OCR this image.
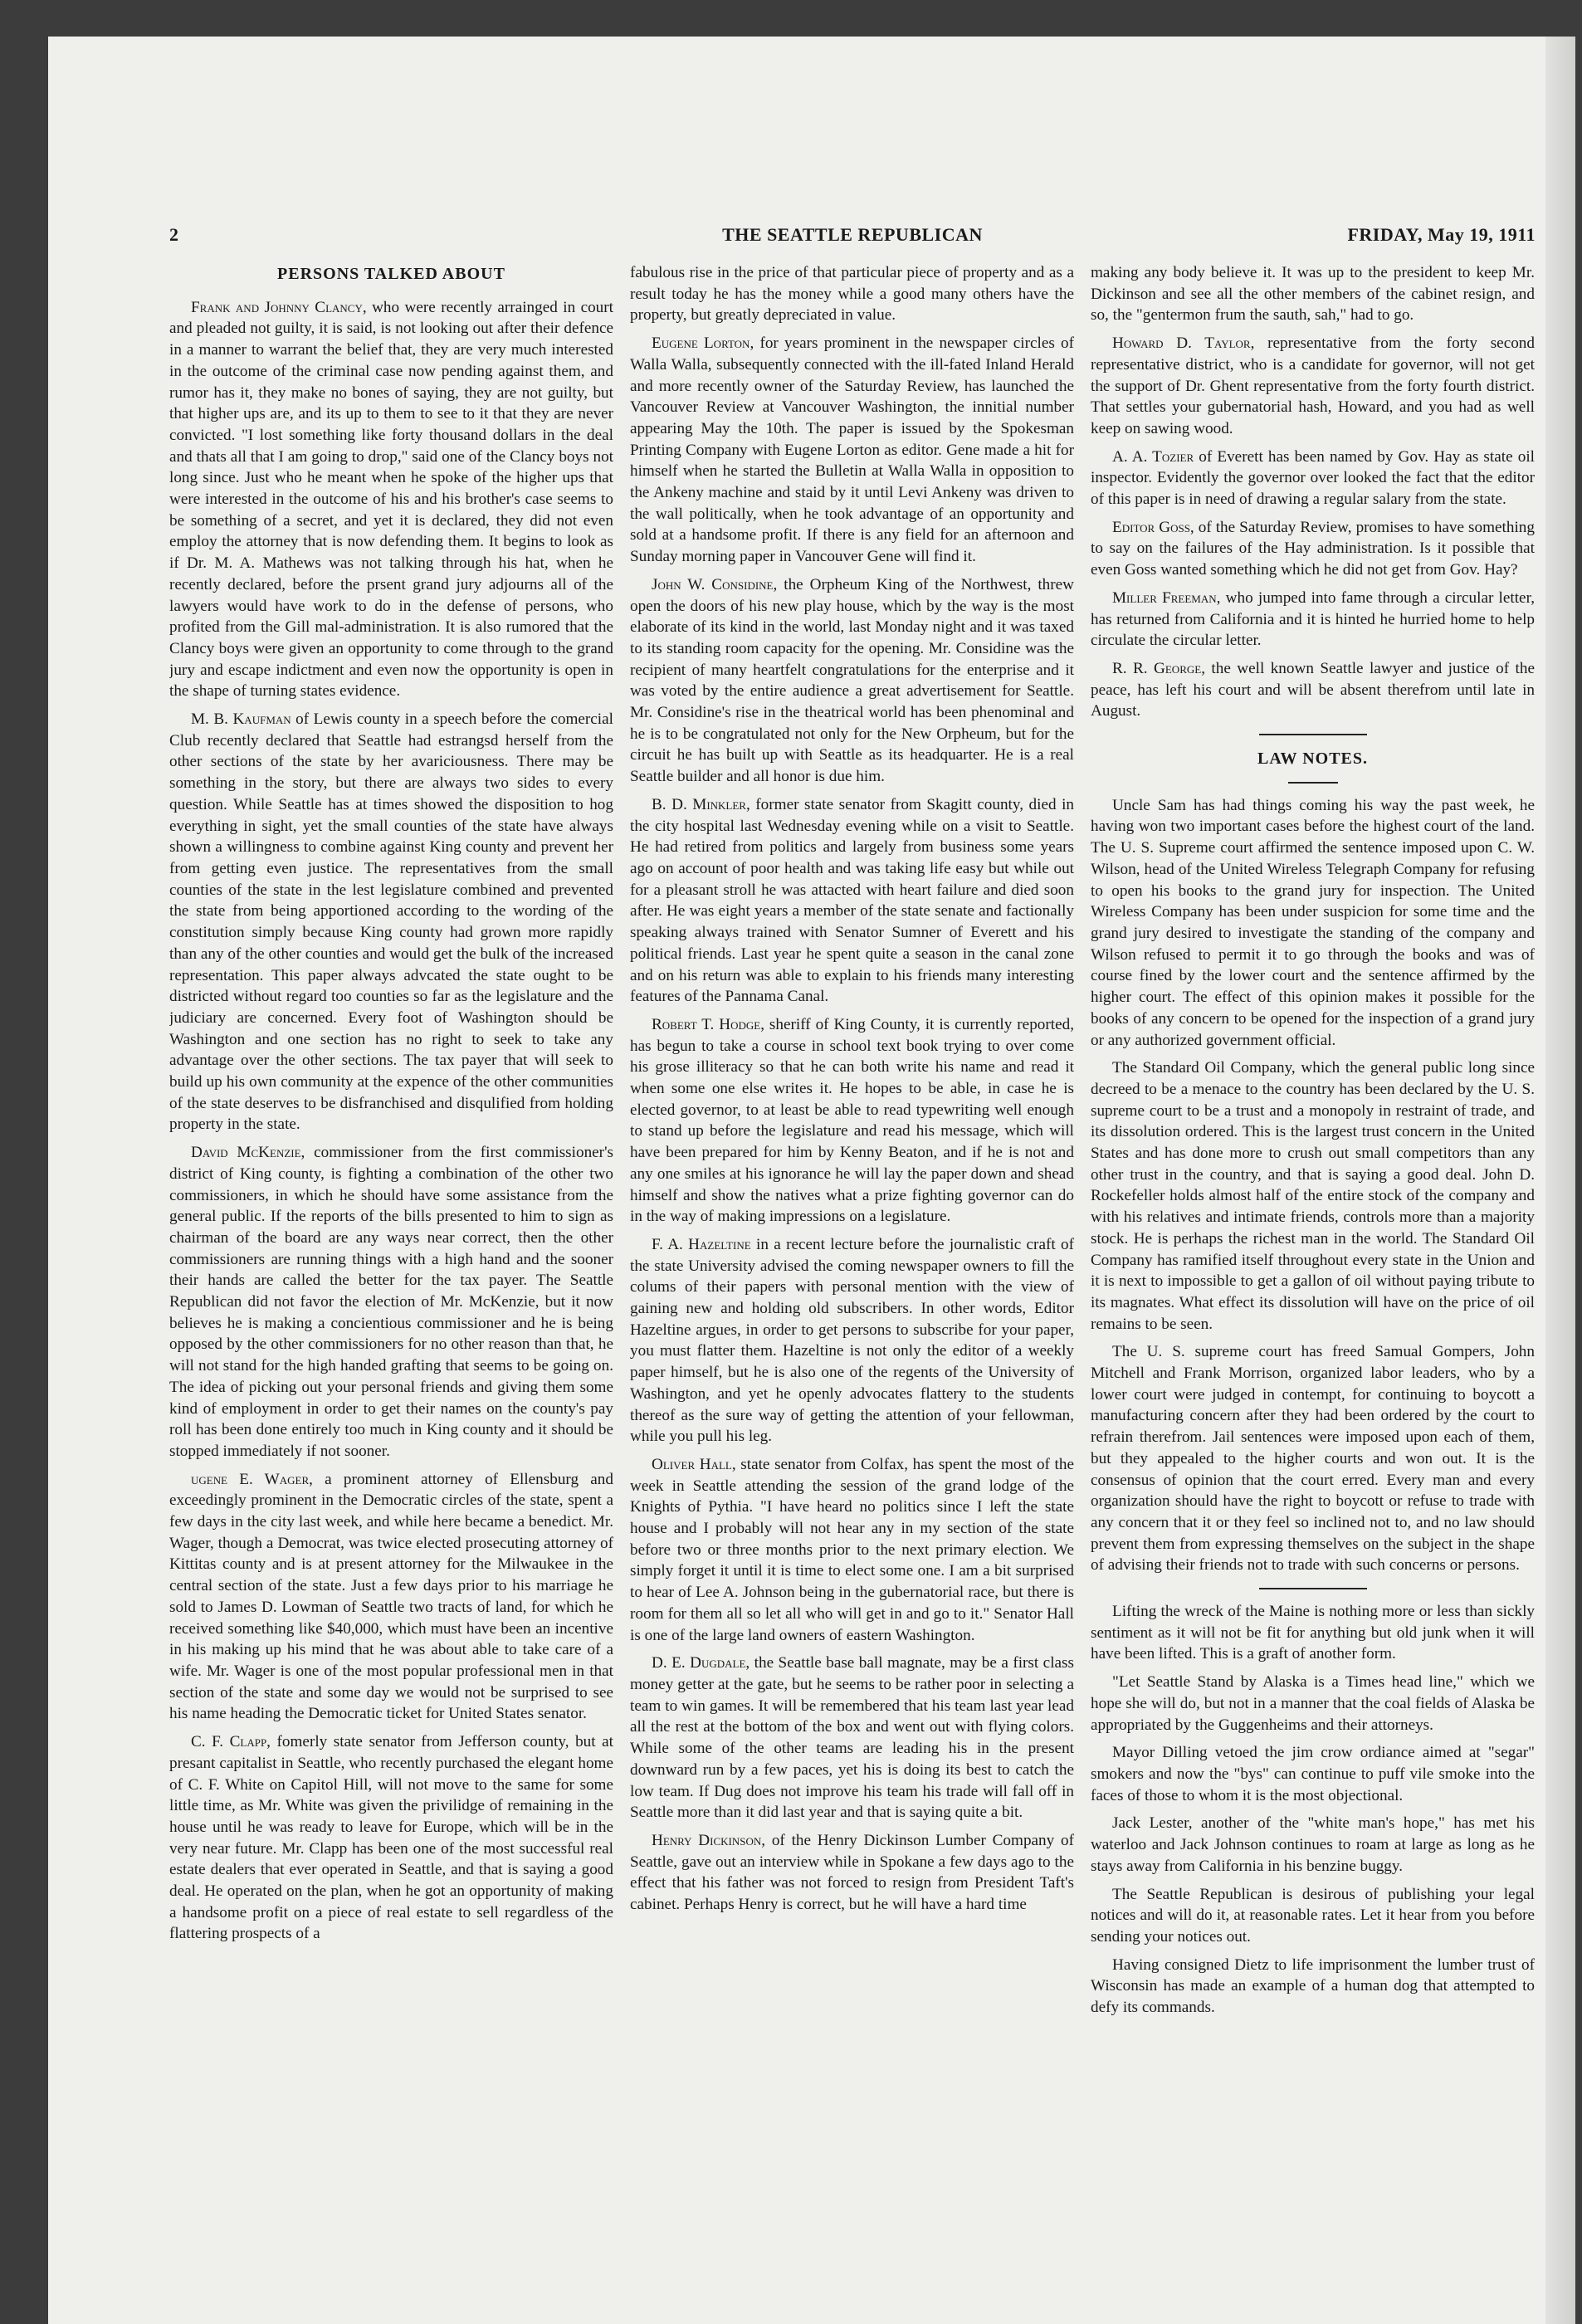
2	THE SEATTLE REPUBLICAN	FRIDAY, May 19, 1911
PERSONS TALKED ABOUT

Frank and Johnny Clancy, who were recently arrainged in court and pleaded not guilty, it is said, is not looking out after their defence in a manner to warrant the belief that, they are very much interested in the outcome of the criminal case now pending against them, and rumor has it, they make no bones of saying, they are not guilty, but that higher ups are, and its up to them to see to it that they are never convicted. "I lost something like forty thousand dollars in the deal and thats all that I am going to drop," said one of the Clancy boys not long since. Just who he meant when he spoke of the higher ups that were interested in the outcome of his and his brother's case seems to be something of a secret, and yet it is declared, they did not even employ the attorney that is now defending them. It begins to look as if Dr. M. A. Mathews was not talking through his hat, when he recently declared, before the prsent grand jury adjourns all of the lawyers would have work to do in the defense of persons, who profited from the Gill mal-administration. It is also rumored that the Clancy boys were given an opportunity to come through to the grand jury and escape indictment and even now the opportunity is open in the shape of turning states evidence.

M. B. Kaufman of Lewis county in a speech before the comercial Club recently declared that Seattle had estrangsd herself from the other sections of the state by her avariciousness. There may be something in the story, but there are always two sides to every question. While Seattle has at times showed the disposition to hog everything in sight, yet the small counties of the state have always shown a willingness to combine against King county and prevent her from getting even justice. The representatives from the small counties of the state in the lest legislature combined and prevented the state from being apportioned according to the wording of the constitution simply because King county had grown more rapidly than any of the other counties and would get the bulk of the increased representation. This paper always advcated the state ought to be districted without regard too counties so far as the legislature and the judiciary are concerned. Every foot of Washington should be Washington and one section has no right to seek to take any advantage over the other sections. The tax payer that will seek to build up his own community at the expence of the other communities of the state deserves to be disfranchised and disqulified from holding property in the state.

David McKenzie, commissioner from the first commissioner's district of King county, is fighting a combination of the other two commissioners, in which he should have some assistance from the general public. If the reports of the bills presented to him to sign as chairman of the board are any ways near correct, then the other commissioners are running things with a high hand and the sooner their hands are called the better for the tax payer. The Seattle Republican did not favor the election of Mr. McKenzie, but it now believes he is making a concientious commissioner and he is being opposed by the other commissioners for no other reason than that, he will not stand for the high handed grafting that seems to be going on. The idea of picking out your personal friends and giving them some kind of employment in order to get their names on the county's pay roll has been done entirely too much in King county and it should be stopped immediately if not sooner.

ugene E. Wager, a prominent attorney of Ellensburg and exceedingly prominent in the Democratic circles of the state, spent a few days in the city last week, and while here became a benedict. Mr. Wager, though a Democrat, was twice elected prosecuting attorney of Kittitas county and is at present attorney for the Milwaukee in the central section of the state. Just a few days prior to his marriage he sold to James D. Lowman of Seattle two tracts of land, for which he received something like $40,000, which must have been an incentive in his making up his mind that he was about able to take care of a wife. Mr. Wager is one of the most popular professional men in that section of the state and some day we would not be surprised to see his name heading the Democratic ticket for United States senator.

C. F. Clapp, fomerly state senator from Jefferson county, but at presant capitalist in Seattle, who recently purchased the elegant home of C. F. White on Capitol Hill, will not move to the same for some little time, as Mr. White was given the privilidge of remaining in the house until he was ready to leave for Europe, which will be in the very near future. Mr. Clapp has been one of the most successful real estate dealers that ever operated in Seattle, and that is saying a good deal. He operated on the plan, when he got an opportunity of making a handsome profit on a piece of real estate to sell regardless of the flattering prospects of a

fabulous rise in the price of that particular piece of property and as a result today he has the money while a good many others have the property, but greatly depreciated in value.

Eugene Lorton, for years prominent in the newspaper circles of Walla Walla, subsequently connected with the ill-fated Inland Herald and more recently owner of the Saturday Review, has launched the Vancouver Review at Vancouver Washington, the innitial number appearing May the 10th. The paper is issued by the Spokesman Printing Company with Eugene Lorton as editor. Gene made a hit for himself when he started the Bulletin at Walla Walla in opposition to the Ankeny machine and staid by it until Levi Ankeny was driven to the wall politically, when he took advantage of an opportunity and sold at a handsome profit. If there is any field for an afternoon and Sunday morning paper in Vancouver Gene will find it.

John W. Considine, the Orpheum King of the Northwest, threw open the doors of his new play house, which by the way is the most elaborate of its kind in the world, last Monday night and it was taxed to its standing room capacity for the opening. Mr. Considine was the recipient of many heartfelt congratulations for the enterprise and it was voted by the entire audience a great advertisement for Seattle. Mr. Considine's rise in the theatrical world has been phenominal and he is to be congratulated not only for the New Orpheum, but for the circuit he has built up with Seattle as its headquarter. He is a real Seattle builder and all honor is due him.

B. D. Minkler, former state senator from Skagitt county, died in the city hospital last Wednesday evening while on a visit to Seattle. He had retired from politics and largely from business some years ago on account of poor health and was taking life easy but while out for a pleasant stroll he was attacted with heart failure and died soon after. He was eight years a member of the state senate and factionally speaking always trained with Senator Sumner of Everett and his political friends. Last year he spent quite a season in the canal zone and on his return was able to explain to his friends many interesting features of the Pannama Canal.

Robert T. Hodge, sheriff of King County, it is currently reported, has begun to take a course in school text book trying to over come his grose illiteracy so that he can both write his name and read it when some one else writes it. He hopes to be able, in case he is elected governor, to at least be able to read typewriting well enough to stand up before the legislature and read his message, which will have been prepared for him by Kenny Beaton, and if he is not and any one smiles at his ignorance he will lay the paper down and shead himself and show the natives what a prize fighting governor can do in the way of making impressions on a legislature.

F. A. Hazeltine in a recent lecture before the journalistic craft of the state University advised the coming newspaper owners to fill the colums of their papers with personal mention with the view of gaining new and holding old subscribers. In other words, Editor Hazeltine argues, in order to get persons to subscribe for your paper, you must flatter them. Hazeltine is not only the editor of a weekly paper himself, but he is also one of the regents of the University of Washington, and yet he openly advocates flattery to the students thereof as the sure way of getting the attention of your fellowman, while you pull his leg.

Oliver Hall, state senator from Colfax, has spent the most of the week in Seattle attending the session of the grand lodge of the Knights of Pythia. "I have heard no politics since I left the state house and I probably will not hear any in my section of the state before two or three months prior to the next primary election. We simply forget it until it is time to elect some one. I am a bit surprised to hear of Lee A. Johnson being in the gubernatorial race, but there is room for them all so let all who will get in and go to it." Senator Hall is one of the large land owners of eastern Washington.

D. E. Dugdale, the Seattle base ball magnate, may be a first class money getter at the gate, but he seems to be rather poor in selecting a team to win games. It will be remembered that his team last year lead all the rest at the bottom of the box and went out with flying colors. While some of the other teams are leading his in the present downward run by a few paces, yet his is doing its best to catch the low team. If Dug does not improve his team his trade will fall off in Seattle more than it did last year and that is saying quite a bit.

Henry Dickinson, of the Henry Dickinson Lumber Company of Seattle, gave out an interview while in Spokane a few days ago to the effect that his father was not forced to resign from President Taft's cabinet. Perhaps Henry is correct, but he will have a hard time

making any body believe it. It was up to the president to keep Mr. Dickinson and see all the other members of the cabinet resign, and so, the "gentermon frum the sauth, sah," had to go.

Howard D. Taylor, representative from the forty second representative district, who is a candidate for governor, will not get the support of Dr. Ghent representative from the forty fourth district. That settles your gubernatorial hash, Howard, and you had as well keep on sawing wood.

A. A. Tozier of Everett has been named by Gov. Hay as state oil inspector. Evidently the governor over looked the fact that the editor of this paper is in need of drawing a regular salary from the state.

Editor Goss, of the Saturday Review, promises to have something to say on the failures of the Hay administration. Is it possible that even Goss wanted something which he did not get from Gov. Hay?

Miller Freeman, who jumped into fame through a circular letter, has returned from California and it is hinted he hurried home to help circulate the circular letter.

R. R. George, the well known Seattle lawyer and justice of the peace, has left his court and will be absent therefrom until late in August.

LAW NOTES.

Uncle Sam has had things coming his way the past week, he having won two important cases before the highest court of the land. The U. S. Supreme court affirmed the sentence imposed upon C. W. Wilson, head of the United Wireless Telegraph Company for refusing to open his books to the grand jury for inspection. The United Wireless Company has been under suspicion for some time and the grand jury desired to investigate the standing of the company and Wilson refused to permit it to go through the books and was of course fined by the lower court and the sentence affirmed by the higher court. The effect of this opinion makes it possible for the books of any concern to be opened for the inspection of a grand jury or any authorized government official.

The Standard Oil Company, which the general public long since decreed to be a menace to the country has been declared by the U. S. supreme court to be a trust and a monopoly in restraint of trade, and its dissolution ordered. This is the largest trust concern in the United States and has done more to crush out small competitors than any other trust in the country, and that is saying a good deal. John D. Rockefeller holds almost half of the entire stock of the company and with his relatives and intimate friends, controls more than a majority stock. He is perhaps the richest man in the world. The Standard Oil Company has ramified itself throughout every state in the Union and it is next to impossible to get a gallon of oil without paying tribute to its magnates. What effect its dissolution will have on the price of oil remains to be seen.

The U. S. supreme court has freed Samual Gompers, John Mitchell and Frank Morrison, organized labor leaders, who by a lower court were judged in contempt, for continuing to boycott a manufacturing concern after they had been ordered by the court to refrain therefrom. Jail sentences were imposed upon each of them, but they appealed to the higher courts and won out. It is the consensus of opinion that the court erred. Every man and every organization should have the right to boycott or refuse to trade with any concern that it or they feel so inclined not to, and no law should prevent them from expressing themselves on the subject in the shape of advising their friends not to trade with such concerns or persons.

Lifting the wreck of the Maine is nothing more or less than sickly sentiment as it will not be fit for anything but old junk when it will have been lifted. This is a graft of another form.

"Let Seattle Stand by Alaska is a Times head line," which we hope she will do, but not in a manner that the coal fields of Alaska be appropriated by the Guggenheims and their attorneys.

Mayor Dilling vetoed the jim crow ordiance aimed at "segar" smokers and now the "bys" can continue to puff vile smoke into the faces of those to whom it is the most objectional.

Jack Lester, another of the "white man's hope," has met his waterloo and Jack Johnson continues to roam at large as long as he stays away from California in his benzine buggy.

The Seattle Republican is desirous of publishing your legal notices and will do it, at reasonable rates. Let it hear from you before sending your notices out.

Having consigned Dietz to life imprisonment the lumber trust of Wisconsin has made an example of a human dog that attempted to defy its commands.
